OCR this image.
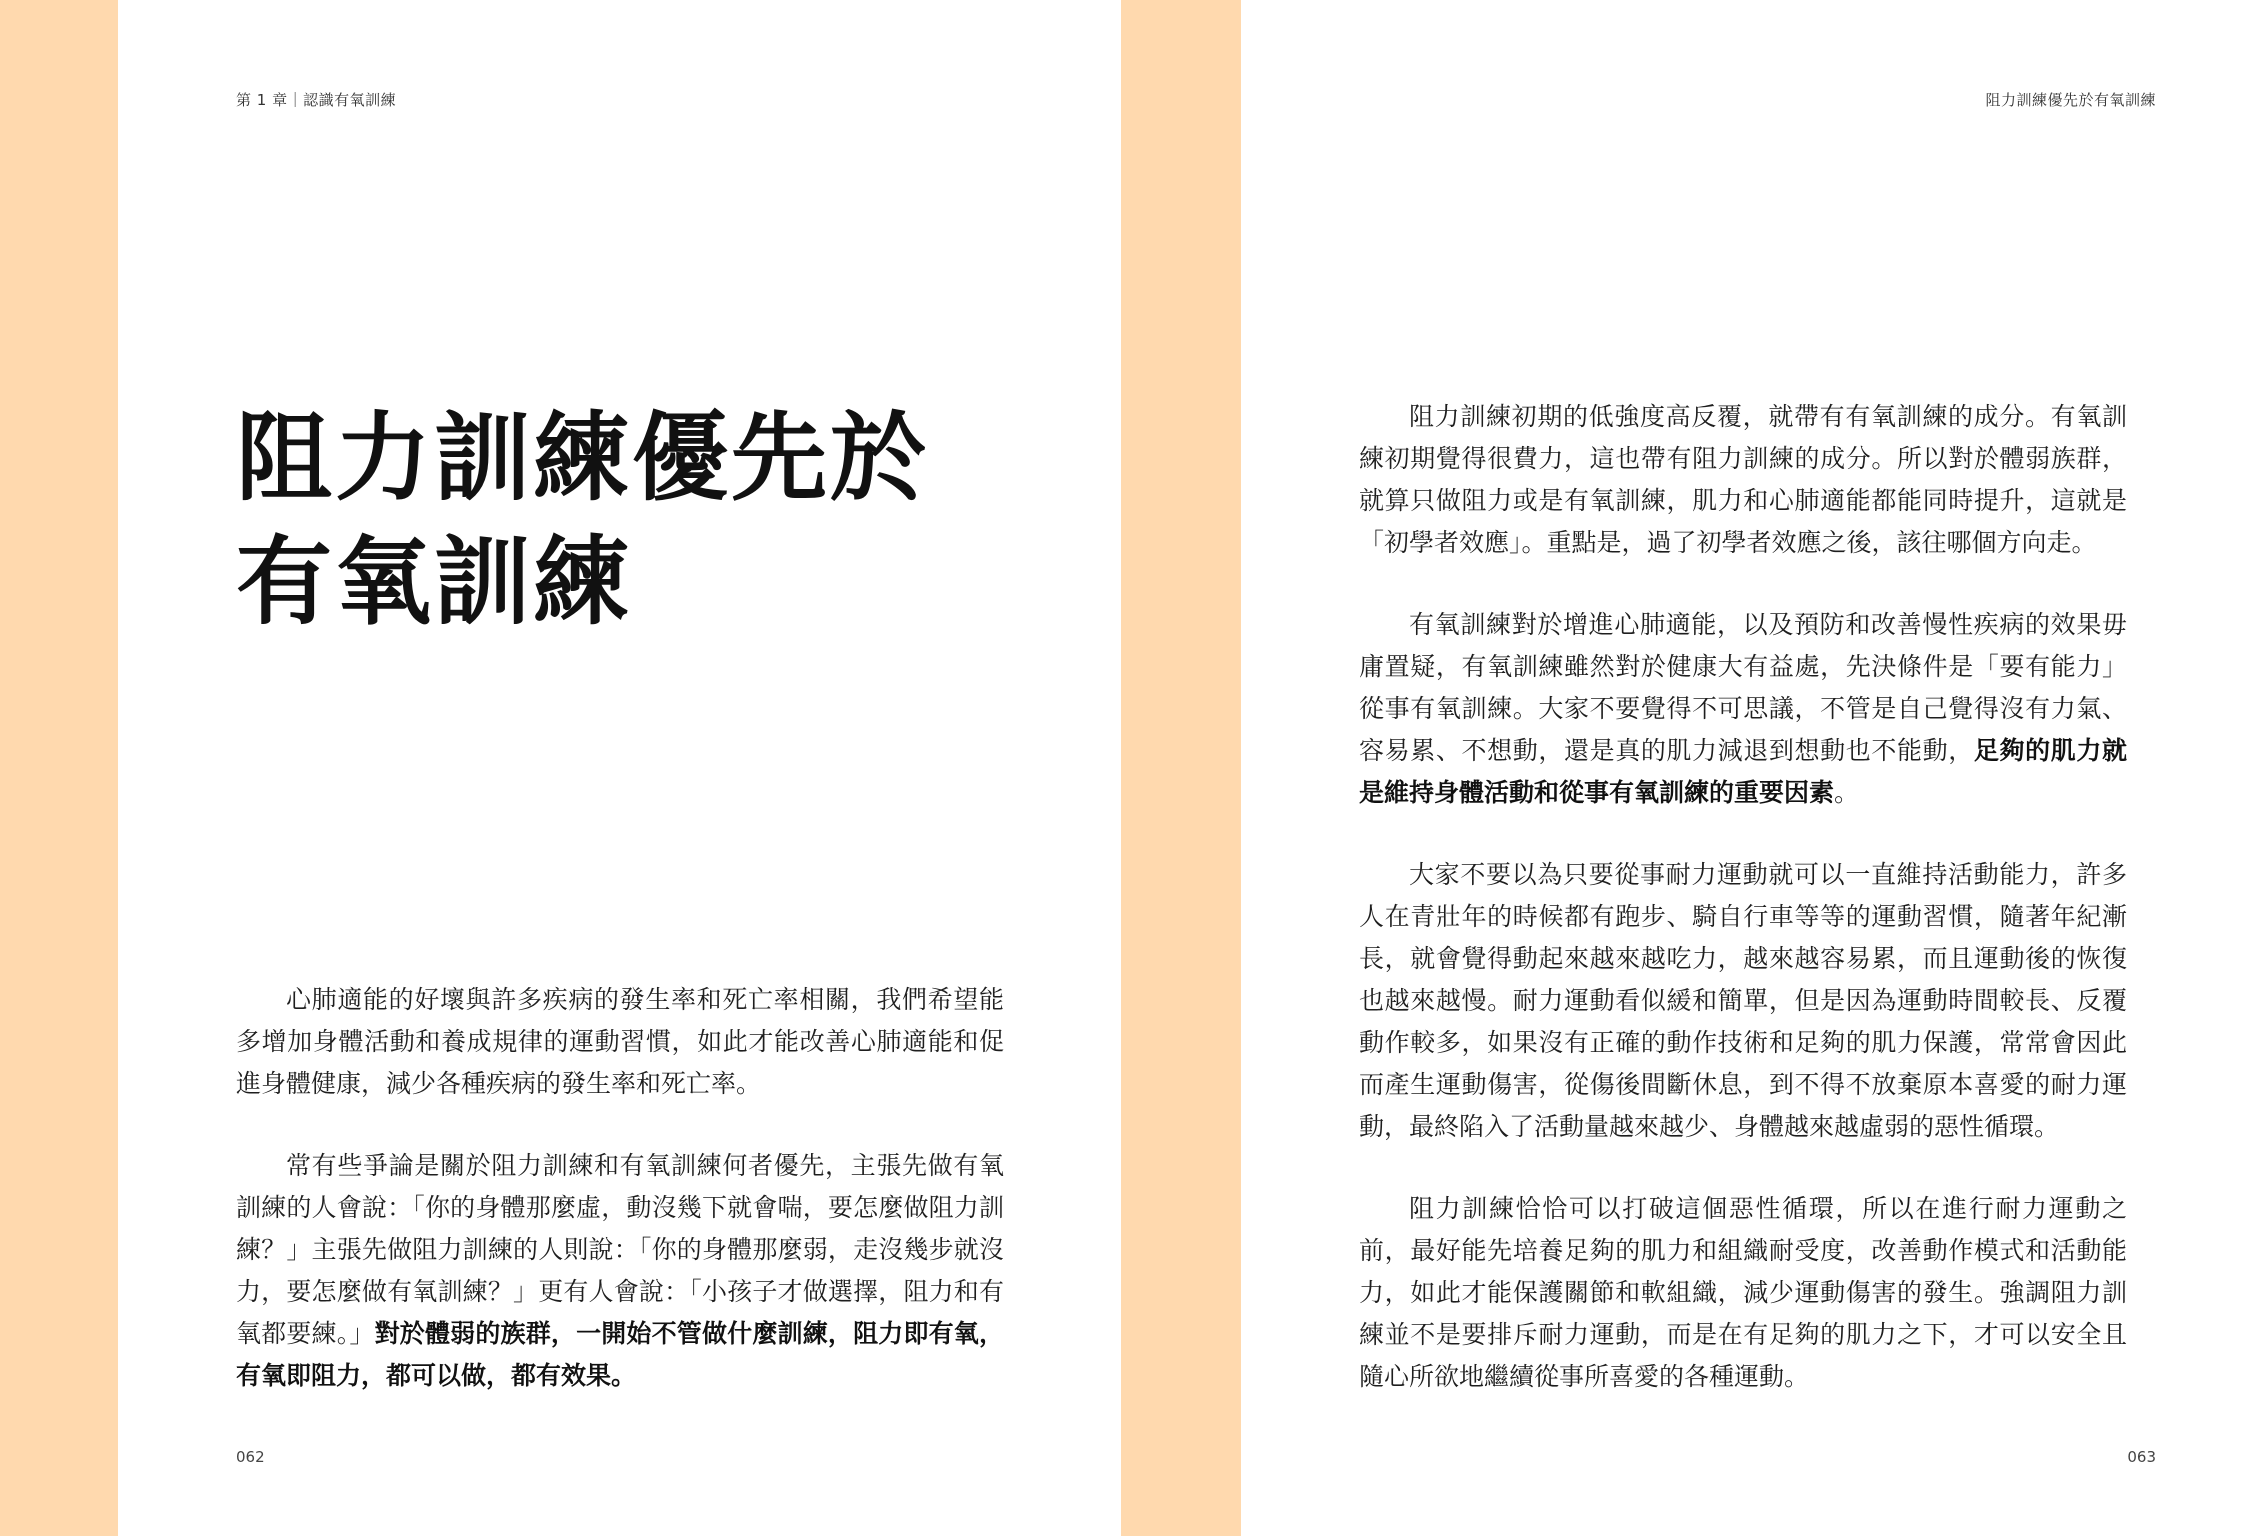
第 1 章｜認識有氧訓練
阻力訓練優先於
有氧訓練

心肺適能的好壞與許多疾病的發生率和死亡率相關，我們希望能多增加身體活動和養成規律的運動習慣，如此才能改善心肺適能和促進身體健康，減少各種疾病的發生率和死亡率。

常有些爭論是關於阻力訓練和有氧訓練何者優先，主張先做有氧訓練的人會說：「你的身體那麼虛，動沒幾下就會喘，要怎麼做阻力訓練？」主張先做阻力訓練的人則說：「你的身體那麼弱，走沒幾步就沒力，要怎麼做有氧訓練？」更有人會說：「小孩子才做選擇，阻力和有氧都要練。」對於體弱的族群，一開始不管做什麼訓練，阻力即有氧，有氧即阻力，都可以做，都有效果。

062
阻力訓練優先於有氧訓練

阻力訓練初期的低強度高反覆，就帶有有氧訓練的成分。有氧訓練初期覺得很費力，這也帶有阻力訓練的成分。所以對於體弱族群，就算只做阻力或是有氧訓練，肌力和心肺適能都能同時提升，這就是「初學者效應」。重點是，過了初學者效應之後，該往哪個方向走。

有氧訓練對於增進心肺適能，以及預防和改善慢性疾病的效果毋庸置疑，有氧訓練雖然對於健康大有益處，先決條件是「要有能力」從事有氧訓練。大家不要覺得不可思議，不管是自己覺得沒有力氣、容易累、不想動，還是真的肌力減退到想動也不能動，足夠的肌力就是維持身體活動和從事有氧訓練的重要因素。

大家不要以為只要從事耐力運動就可以一直維持活動能力，許多人在青壯年的時候都有跑步、騎自行車等等的運動習慣，隨著年紀漸長，就會覺得動起來越來越吃力，越來越容易累，而且運動後的恢復也越來越慢。耐力運動看似緩和簡單，但是因為運動時間較長、反覆動作較多，如果沒有正確的動作技術和足夠的肌力保護，常常會因此而產生運動傷害，從傷後間斷休息，到不得不放棄原本喜愛的耐力運動，最終陷入了活動量越來越少、身體越來越虛弱的惡性循環。

阻力訓練恰恰可以打破這個惡性循環，所以在進行耐力運動之前，最好能先培養足夠的肌力和組織耐受度，改善動作模式和活動能力，如此才能保護關節和軟組織，減少運動傷害的發生。強調阻力訓練並不是要排斥耐力運動，而是在有足夠的肌力之下，才可以安全且隨心所欲地繼續從事所喜愛的各種運動。

063
